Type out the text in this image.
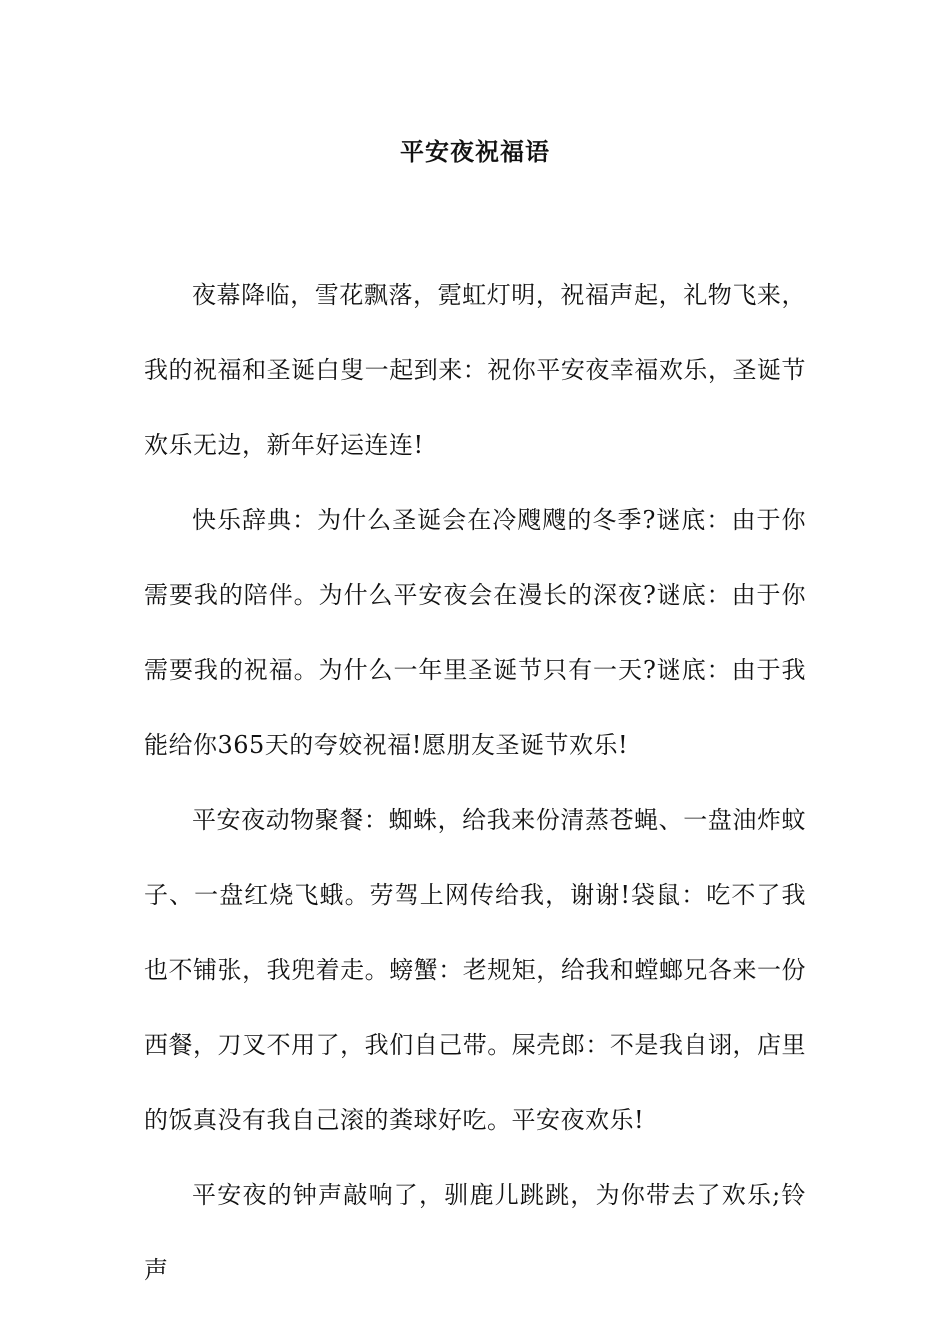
平安夜祝福语

夜幕降临，雪花飘落，霓虹灯明，祝福声起，礼物飞来，我的祝福和圣诞白叟一起到来：祝你平安夜幸福欢乐，圣诞节欢乐无边，新年好运连连!

快乐辞典：为什么圣诞会在冷飕飕的冬季?谜底：由于你需要我的陪伴。为什么平安夜会在漫长的深夜?谜底：由于你需要我的祝福。为什么一年里圣诞节只有一天?谜底：由于我能给你365天的夸姣祝福!愿朋友圣诞节欢乐!

平安夜动物聚餐：蜘蛛，给我来份清蒸苍蝇、一盘油炸蚊子、一盘红烧飞蛾。劳驾上网传给我，谢谢!袋鼠：吃不了我也不铺张，我兜着走。螃蟹：老规矩，给我和螳螂兄各来一份西餐，刀叉不用了，我们自己带。屎壳郎：不是我自诩，店里的饭真没有我自己滚的粪球好吃。平安夜欢乐!

平安夜的钟声敲响了，驯鹿儿跳跳，为你带去了欢乐;铃声
